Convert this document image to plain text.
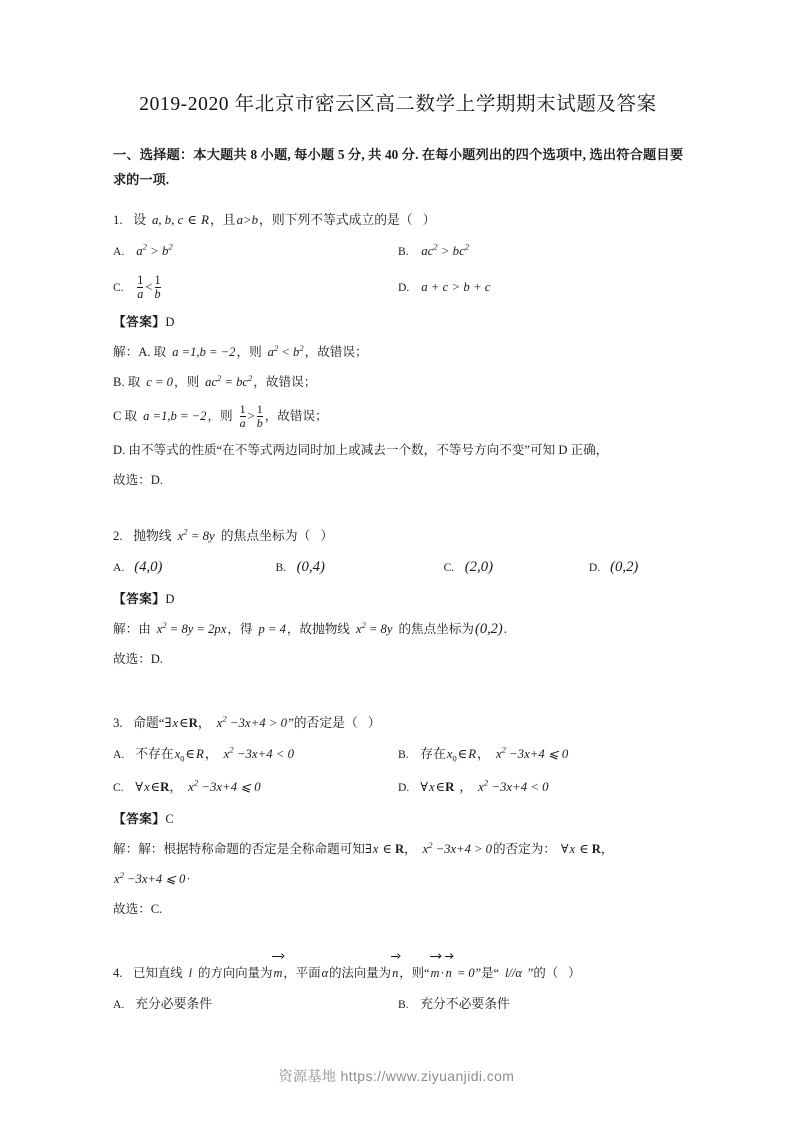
2019-2020 年北京市密云区高二数学上学期期末试题及答案
一、选择题：本大题共 8 小题, 每小题 5 分, 共 40 分. 在每小题列出的四个选项中, 选出符合题目要求的一项.
1. 设 a, b, c ∈ R，且a>b，则下列不等式成立的是（ ）
A. $a^2 > b^2$	B. $ac^2 > bc^2$
C. $\frac{1}{a} < \frac{1}{b}$	D. a + c > b + c
【答案】D
解：A. 取 a =1,b = −2，则 $a^2 < b^2$，故错误；
B. 取 c = 0，则 $ac^2 = bc^2$，故错误；
C 取 a =1,b = −2，则 $\frac{1}{a} > \frac{1}{b}$ ，故错误；
D. 由不等式的性质“在不等式两边同时加上或减去一个数，不等号方向不变”可知 D 正确，
故选：D.
2. 抛物线 $x^2 = 8y$ 的焦点坐标为（ ）
A. (4,0)	B. (0,4)	C. (2,0)	D. (0,2)
【答案】D
解：由 $x^2 = 8y = 2px$，得 p = 4，故抛物线 $x^2 = 8y$ 的焦点坐标为(0,2).
故选：D.
3. 命题“∃x∈R， $x^2 -3x+4 > 0$”的否定是（ ）
A. 不存在$x_0\in R$， $x^2 -3x+4 < 0$	B. 存在$x_0\in R$， $x^2 -3x+4$ ⩽ 0
C. ∀x∈R， $x^2 -3x+4$ ⩽ 0	D. ∀x∈R ， $x^2 -3x+4 < 0$
【答案】C
解：解：根据特称命题的否定是全称命题可知∃x ∈ R， $x^2 -3x+4 > 0$的否定为： ∀x ∈ R，
$x^2 -3x+4$ ⩽ 0·
故选：C.
4. 已知直线 l 的方向向量为m，平面α的法向量为n，则“m·n = 0”是“ l//α ”的（ ）
A. 充分必要条件	B. 充分不必要条件
资源基地 https://www.ziyuanjidi.com
